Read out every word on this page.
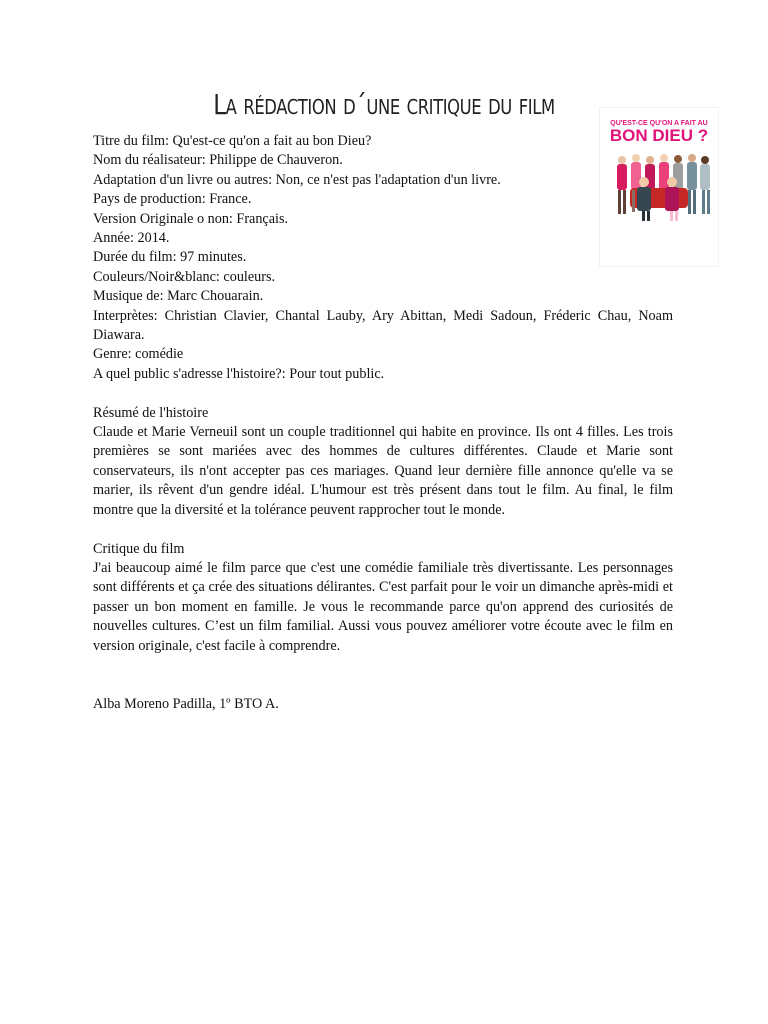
La rédaction d´une critique du film
QU'EST-CE QU'ON A FAIT AU
BON DIEU ?

Titre du film: Qu'est-ce qu'on a fait au bon Dieu?

Nom du réalisateur: Philippe de Chauveron.

Adaptation d'un livre ou autres: Non, ce n'est pas l'adaptation d'un livre.

Pays de production: France.

Version Originale o non: Français.

Année: 2014.

Durée du film: 97 minutes.

Couleurs/Noir&blanc: couleurs.

Musique de: Marc Chouarain.

Interprètes: Christian Clavier, Chantal Lauby, Ary Abittan, Medi Sadoun, Fréderic Chau, Noam Diawara.

Genre: comédie

A quel public s'adresse l'histoire?: Pour tout public.

Résumé de l'histoire

Claude et Marie Verneuil sont un couple traditionnel qui habite en province. Ils ont 4 filles. Les trois premières se sont mariées avec des hommes de cultures différentes. Claude et Marie sont conservateurs, ils n'ont accepter pas ces mariages. Quand leur dernière fille annonce qu'elle va se marier, ils rêvent d'un gendre idéal. L'humour est très présent dans tout le film. Au final, le film montre que la diversité et la tolérance peuvent rapprocher tout le monde.

Critique du film

J'ai beaucoup aimé le film parce que c'est une comédie familiale très divertissante. Les personnages sont différents et ça crée des situations délirantes. C'est parfait pour le voir un dimanche après-midi et passer un bon moment en famille. Je vous le recommande parce qu'on apprend des curiosités de nouvelles cultures. C’est un film familial. Aussi vous pouvez améliorer votre écoute avec le film en version originale, c'est facile à comprendre.

Alba Moreno Padilla, 1º BTO A.
